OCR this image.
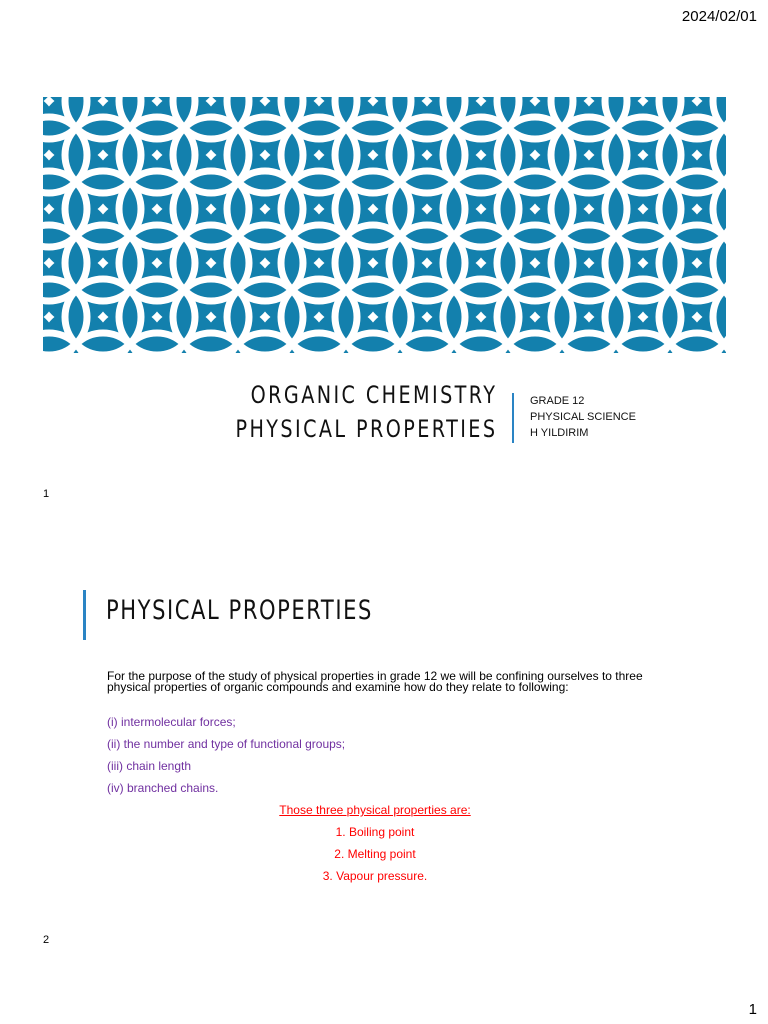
2024/02/01
ORGANIC CHEMISTRY
PHYSICAL PROPERTIES
GRADE 12
PHYSICAL SCIENCE
H YILDIRIM
1
PHYSICAL PROPERTIES
For the purpose of the study of physical properties in grade 12 we will be confining ourselves to three physical properties of organic compounds and examine how do they relate to following:
(i) intermolecular forces;
(ii) the number and type of functional groups;
(iii) chain length
(iv) branched chains.
Those three physical properties are:
1. Boiling point
2. Melting point
3. Vapour pressure.
2
1
